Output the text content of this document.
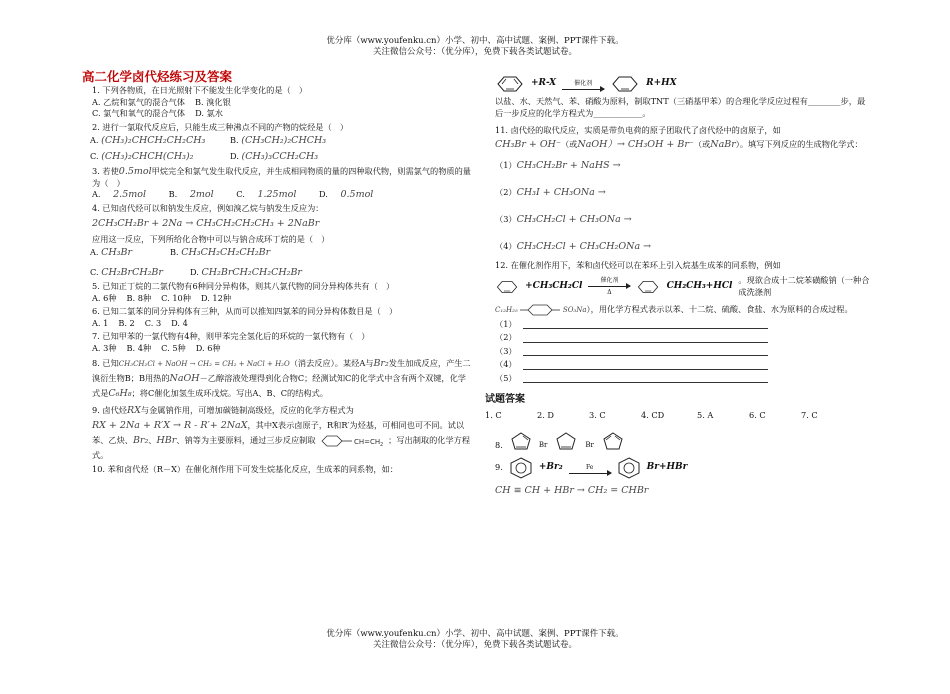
优分库（www.youfenku.cn）小学、初中、高中试题、案例、PPT课件下载。
关注微信公众号：（优分库），免费下载各类试题试卷。
高二化学卤代烃练习及答案
1. 下列各物质，在日光照射下不能发生化学变化的是（　）
A. 乙烷和氯气的混合气体 B. 溴化银
C. 氯气和氧气的混合气体 D. 氯水
2. 进行一氯取代反应后，只能生成三种沸点不同的产物的烷烃是（　）
A. (CH₃)₂CHCH₂CH₂CH₃	B. (CH₃CH₂)₂CHCH₃
C. (CH₃)₂CHCH(CH₃)₂	D. (CH₃)₃CCH₂CH₃
3. 若使0.5mol甲烷完全和氯气发生取代反应，并生成相同物质的量的四种取代物，则需氯气的物质的量为（　）
A. 2.5mol	B. 2mol	C. 1.25mol	D. 0.5mol
4. 已知卤代烃可以和钠发生反应，例如溴乙烷与钠发生反应为：
2CH₃CH₂Br + 2Na → CH₃CH₂CH₂CH₃ + 2NaBr
应用这一反应，下列所给化合物中可以与钠合成环丁烷的是（　）
A. CH₃Br	B. CH₃CH₂CH₂CH₂Br
C. CH₂BrCH₂Br	D. CH₂BrCH₂CH₂CH₂Br
5. 已知正丁烷的二氯代物有6种同分异构体，则其八氯代物的同分异构体共有（　）
A. 6种 B. 8种 C. 10种 D. 12种
6. 已知二氯苯的同分异构体有三种，从而可以推知四氯苯的同分异构体数目是（　）
A. 1 B. 2 C. 3 D. 4
7. 已知甲苯的一氯代物有4种，则甲苯完全氢化后的环烷的一氯代物有（　）
A. 3种 B. 4种 C. 5种 D. 6种
8. 已知CH₃CH₂Cl + NaOH → CH₂ = CH₂ + NaCl + H₂O（消去反应）。某烃A与Br₂发生加成反应，产生二溴衍生物B；B用热的NaOH－乙醇溶液处理得到化合物C；经测试知C的化学式中含有两个双键，化学式是C₆H₈；将C催化加氢生成环戊烷。写出A、B、C的结构式。
9. 卤代烃RX与金属钠作用，可增加碳链制高级烃，反应的化学方程式为
RX + 2Na + R′X → R - R′+ 2NaX，其中X表示卤原子，R和R′为烃基，可相同也可不同。试以苯、乙炔、Br₂、HBr、钠等为主要原料，通过三步反应制取	CH=CH 2 ；写出制取的化学方程式。
10. 苯和卤代烃（R－X）在催化剂作用下可发生烷基化反应，生成苯的同系物，如：
+R-X	催化剂	R+HX
以盐、水、天然气、苯、硝酸为原料，制取TNT（三硝基甲苯）的合理化学反应过程有________步，最后一步反应的化学方程式为____________。
11. 卤代烃的取代反应，实质是带负电荷的原子团取代了卤代烃中的卤原子，如
CH₃Br + OH⁻（或NaOH）→ CH₃OH + Br⁻（或NaBr）。填写下列反应的生成物化学式：
（1）CH₃CH₂Br + NaHS →
（2）CH₃I + CH₃ONa →
（3）CH₃CH₂Cl + CH₃ONa →
（4）CH₃CH₂Cl + CH₃CH₂ONa →
12. 在催化剂作用下，苯和卤代烃可以在苯环上引入烷基生成苯的同系物，例如
+CH₃CH₂Cl
催化剂
Δ
CH₂CH₃+HCl
。现欲合成十二烷苯磺酸钠（一种合成洗涤剂
C₁₂H₂₅	SO₃Na），用化学方程式表示以苯、十二烷、硫酸、食盐、水为原料的合成过程。
（1）
（2）
（3）
（4）
（5）
试题答案
1. C	2. D	3. C	4. CD	5. A	6. C	7. C
8.	Br	Br
9.	+Br₂	Fe	Br+HBr
CH ≡ CH + HBr → CH₂ = CHBr
优分库（www.youfenku.cn）小学、初中、高中试题、案例、PPT课件下载。
关注微信公众号：（优分库），免费下载各类试题试卷。
